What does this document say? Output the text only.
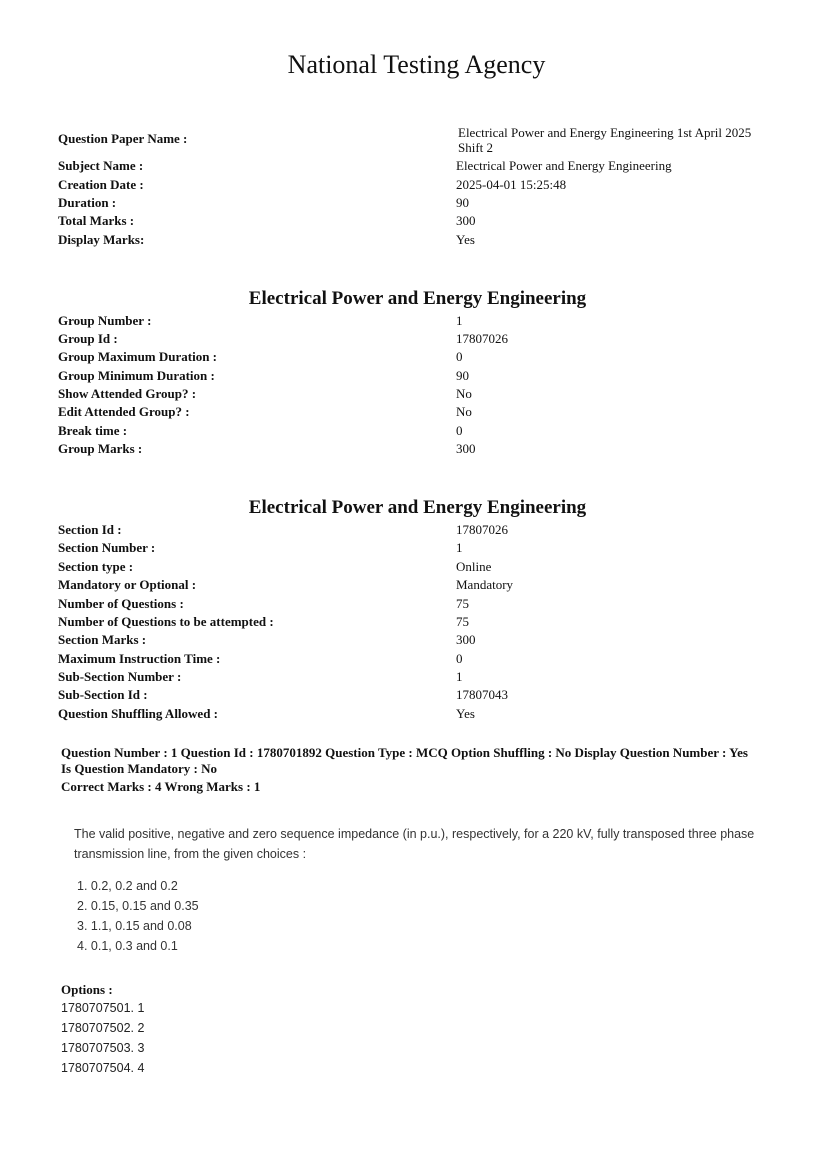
National Testing Agency
Question Paper Name :	Electrical Power and Energy Engineering 1st April 2025 Shift 2
Subject Name :	Electrical Power and Energy Engineering
Creation Date :	2025-04-01 15:25:48
Duration :	90
Total Marks :	300
Display Marks:	Yes
Electrical Power and Energy Engineering
Group Number :	1
Group Id :	17807026
Group Maximum Duration :	0
Group Minimum Duration :	90
Show Attended Group? :	No
Edit Attended Group? :	No
Break time :	0
Group Marks :	300
Electrical Power and Energy Engineering
Section Id :	17807026
Section Number :	1
Section type :	Online
Mandatory or Optional :	Mandatory
Number of Questions :	75
Number of Questions to be attempted :	75
Section Marks :	300
Maximum Instruction Time :	0
Sub-Section Number :	1
Sub-Section Id :	17807043
Question Shuffling Allowed :	Yes
Question Number : 1 Question Id : 1780701892 Question Type : MCQ Option Shuffling : No Display Question Number : Yes
Is Question Mandatory : No
Correct Marks : 4 Wrong Marks : 1
The valid positive, negative and zero sequence impedance (in p.u.), respectively, for a 220 kV, fully transposed three phase transmission line, from the given choices :
1. 0.2, 0.2 and 0.2
2. 0.15, 0.15 and 0.35
3. 1.1, 0.15 and 0.08
4. 0.1, 0.3 and 0.1
Options :
1780707501. 1
1780707502. 2
1780707503. 3
1780707504. 4
